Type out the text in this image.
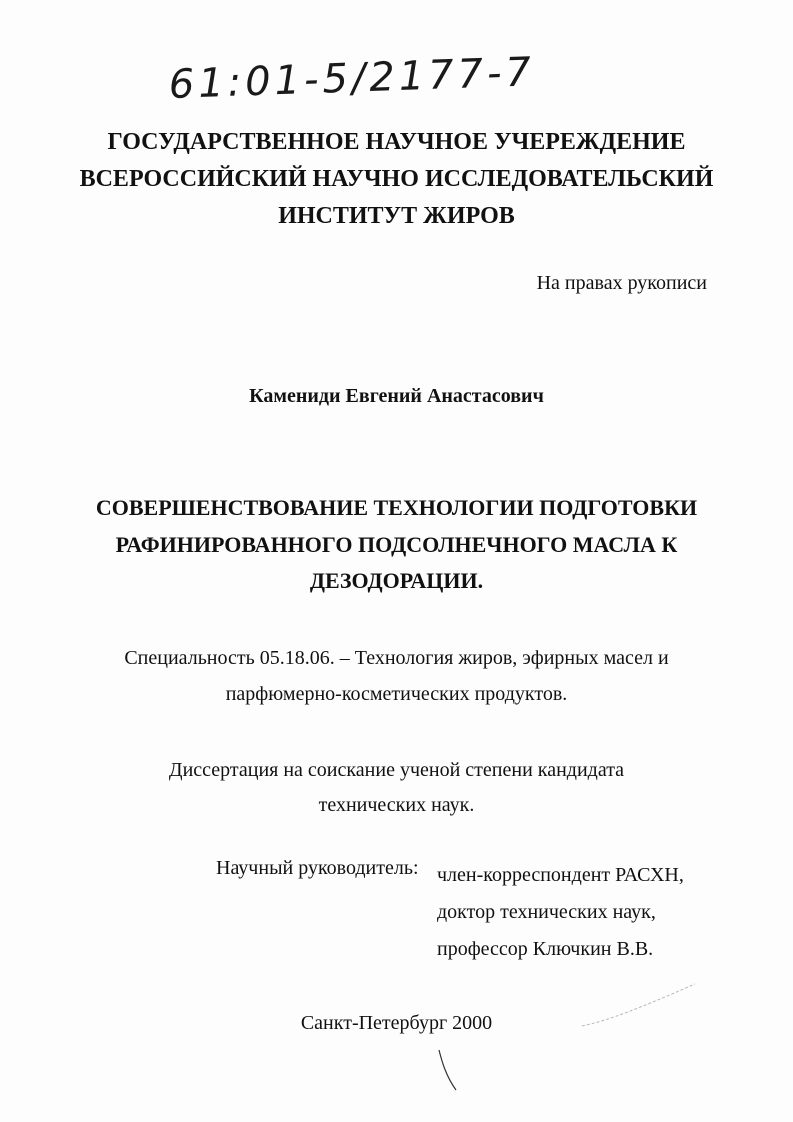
61:01-5/2177-7
ГОСУДАРСТВЕННОЕ НАУЧНОЕ УЧЕРЕЖДЕНИЕ
ВСЕРОССИЙСКИЙ НАУЧНО ИССЛЕДОВАТЕЛЬСКИЙ
ИНСТИТУТ ЖИРОВ
На правах рукописи
Камениди Евгений Анастасович
СОВЕРШЕНСТВОВАНИЕ ТЕХНОЛОГИИ ПОДГОТОВКИ
РАФИНИРОВАННОГО ПОДСОЛНЕЧНОГО МАСЛА К
ДЕЗОДОРАЦИИ.
Специальность 05.18.06. – Технология жиров, эфирных масел и
парфюмерно-косметических продуктов.
Диссертация на соискание ученой степени кандидата
технических наук.
Научный руководитель: член-корреспондент РАСХН,
доктор технических наук,
профессор Ключкин В.В.
Санкт-Петербург 2000
